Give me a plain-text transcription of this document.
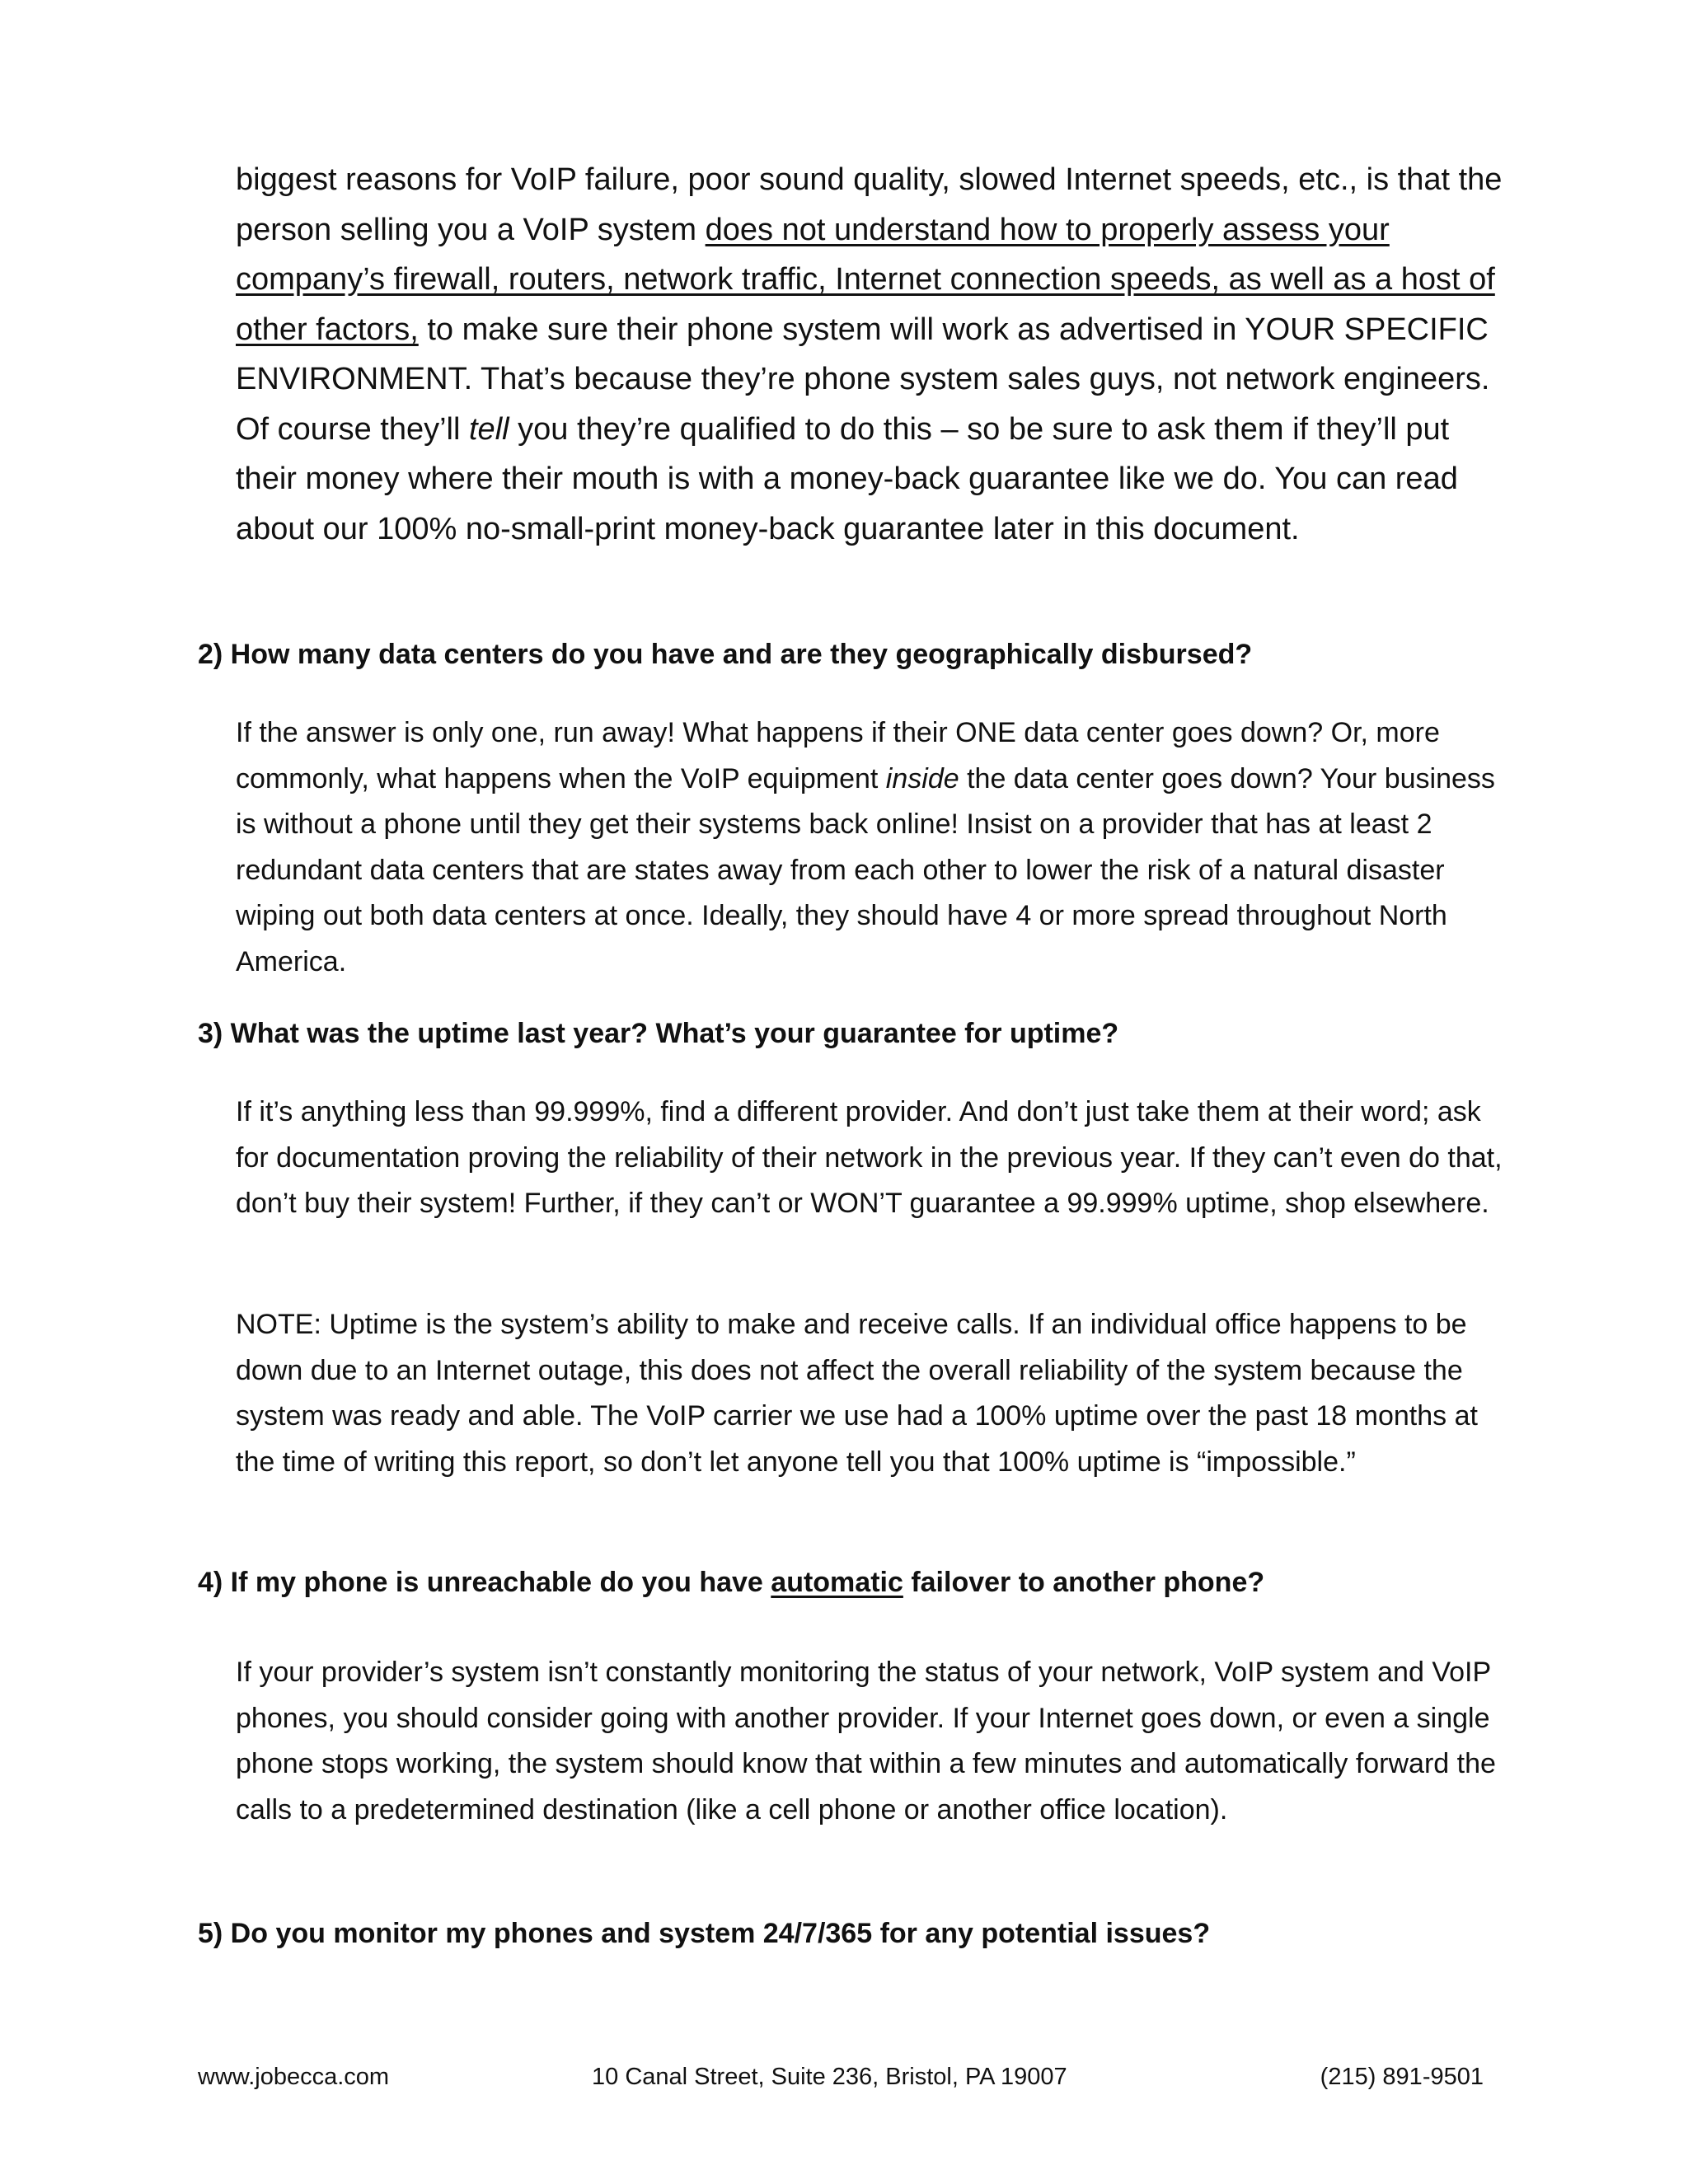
biggest reasons for VoIP failure, poor sound quality, slowed Internet speeds, etc., is that the person selling you a VoIP system does not understand how to properly assess your company’s firewall, routers, network traffic, Internet connection speeds, as well as a host of other factors, to make sure their phone system will work as advertised in YOUR SPECIFIC ENVIRONMENT. That’s because they’re phone system sales guys, not network engineers. Of course they’ll tell you they’re qualified to do this – so be sure to ask them if they’ll put their money where their mouth is with a money-back guarantee like we do. You can read about our 100% no-small-print money-back guarantee later in this document.

2) How many data centers do you have and are they geographically disbursed?

If the answer is only one, run away! What happens if their ONE data center goes down? Or, more commonly, what happens when the VoIP equipment inside the data center goes down? Your business is without a phone until they get their systems back online! Insist on a provider that has at least 2 redundant data centers that are states away from each other to lower the risk of a natural disaster wiping out both data centers at once. Ideally, they should have 4 or more spread throughout North America.

3) What was the uptime last year? What’s your guarantee for uptime?

If it’s anything less than 99.999%, find a different provider. And don’t just take them at their word; ask for documentation proving the reliability of their network in the previous year. If they can’t even do that, don’t buy their system! Further, if they can’t or WON’T guarantee a 99.999% uptime, shop elsewhere.

NOTE: Uptime is the system’s ability to make and receive calls. If an individual office happens to be down due to an Internet outage, this does not affect the overall reliability of the system because the system was ready and able. The VoIP carrier we use had a 100% uptime over the past 18 months at the time of writing this report, so don’t let anyone tell you that 100% uptime is “impossible.”

4) If my phone is unreachable do you have automatic failover to another phone?

If your provider’s system isn’t constantly monitoring the status of your network, VoIP system and VoIP phones, you should consider going with another provider. If your Internet goes down, or even a single phone stops working, the system should know that within a few minutes and automatically forward the calls to a predetermined destination (like a cell phone or another office location).

5) Do you monitor my phones and system 24/7/365 for any potential issues?
www.jobecca.com	10 Canal Street, Suite 236, Bristol, PA 19007	(215) 891-9501
